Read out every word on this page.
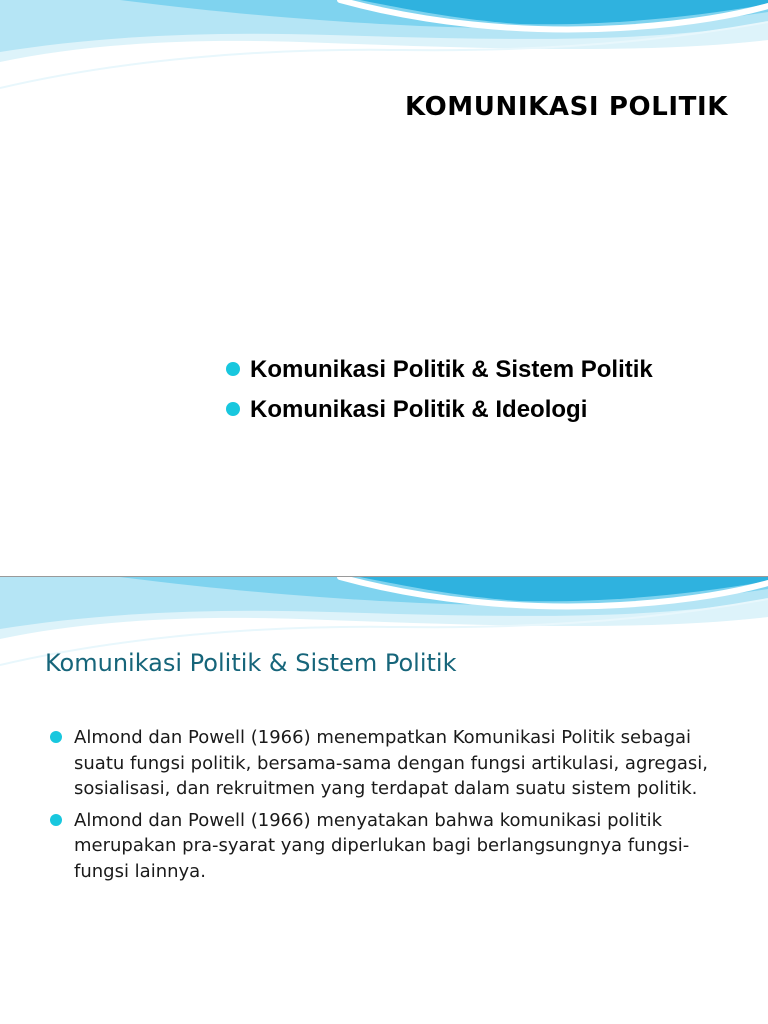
KOMUNIKASI POLITIK
Komunikasi Politik & Sistem Politik
Komunikasi Politik & Ideologi
Komunikasi Politik & Sistem Politik
Almond dan Powell (1966) menempatkan Komunikasi Politik sebagai suatu fungsi politik, bersama-sama dengan fungsi artikulasi, agregasi, sosialisasi, dan rekruitmen yang terdapat dalam suatu sistem politik.
Almond dan Powell (1966) menyatakan bahwa komunikasi politik merupakan pra-syarat yang diperlukan bagi berlangsungnya fungsi-fungsi lainnya.
